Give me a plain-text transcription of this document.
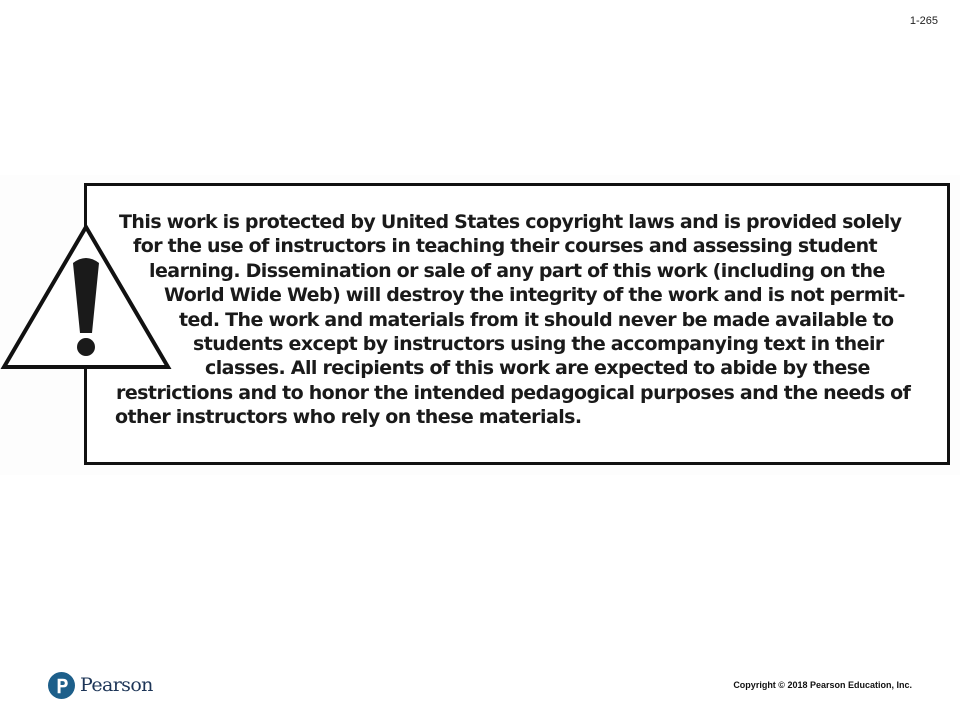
1-265

This work is protected by United States copyright laws and is provided solely
for the use of instructors in teaching their courses and assessing student
learning. Dissemination or sale of any part of this work (including on the
World Wide Web) will destroy the integrity of the work and is not permit-
ted. The work and materials from it should never be made available to
students except by instructors using the accompanying text in their
classes. All recipients of this work are expected to abide by these
restrictions and to honor the intended pedagogical purposes and the needs of
other instructors who rely on these materials.

Pearson	Copyright © 2018 Pearson Education, Inc.
